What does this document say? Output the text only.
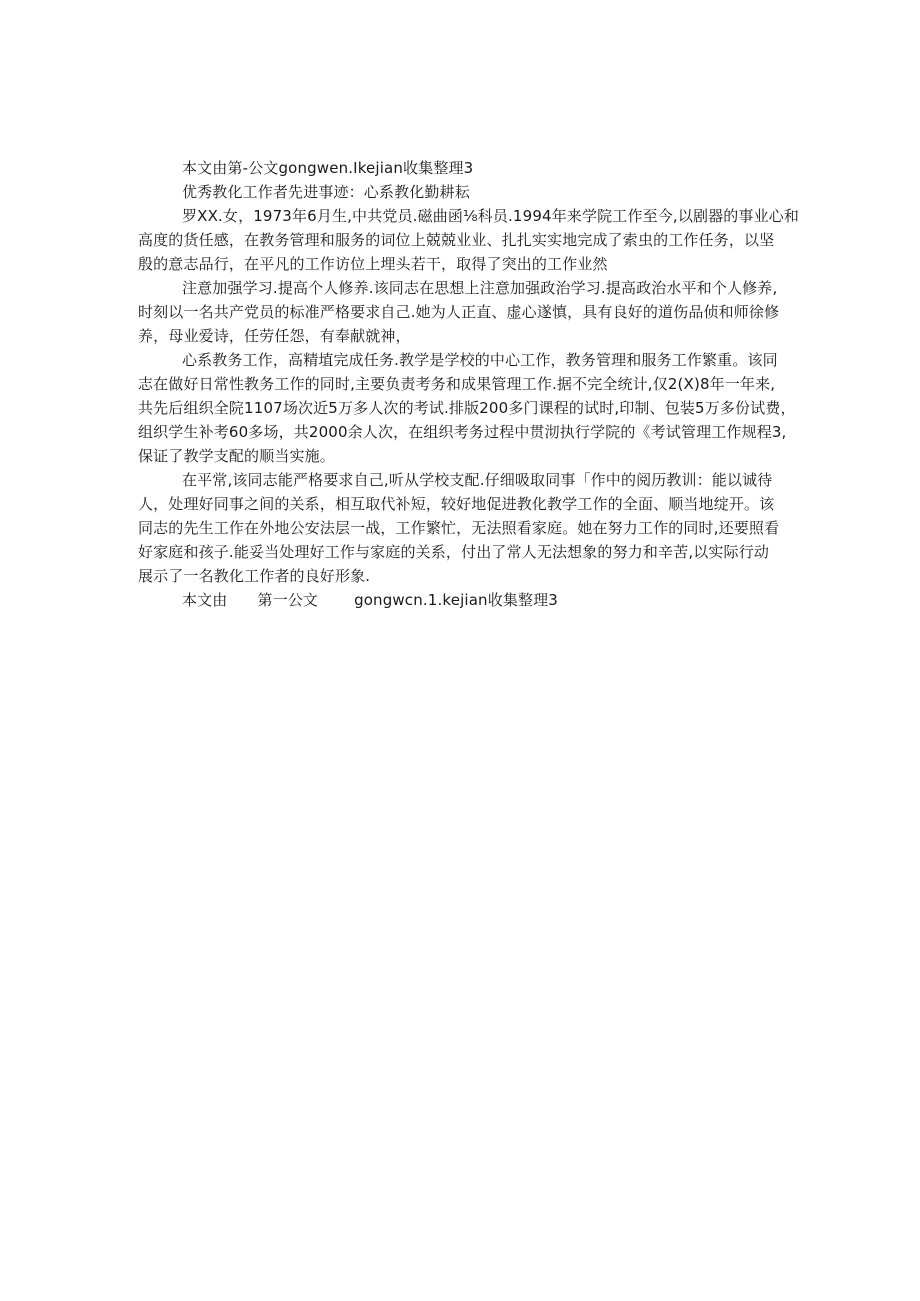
本文由第-公文gongwen.Ikejian收集整理3
优秀教化工作者先进事迹：心系教化勤耕耘
罗XX.女，1973年6月生,中共党员.磁曲函⅛科员.1994年来学院工作至今,以剧器的事业心和
高度的货任感，在教务管理和服务的词位上兢兢业业、扎扎实实地完成了索虫的工作任务，以坚
殷的意志品行，在平凡的工作访位上埋头若干，取得了突出的工作业然
注意加强学习.提高个人修养.该同志在思想上注意加强政治学习.提高政治水平和个人修养,
时刻以一名共产党员的标准严格要求自己.她为人正直、虚心遂慎，具有良好的道伤品侦和师徐修
养，母业爱诗，任劳任怨，有奉献就神，
心系教务工作，高精埴完成任务.教学是学校的中心工作，教务管理和服务工作繁重。该同
志在做好日常性教务工作的同时,主要负责考务和成果管理工作.据不完全统计,仅2(X)8年一年来,
共先后组织全院1107场次近5万多人次的考试.排版200多门课程的试时,印制、包装5万多份试费，
组织学生补考60多场，共2000余人次，在组织考务过程中贯沏执行学院的《考试管理工作规程3,
保证了教学支配的顺当实施。
在平常,该同志能严格要求自己,听从学校支配.仔细吸取同事「作中的阅历教训：能以诚待
人，处理好同事之间的关系，相互取代补短，较好地促进教化教学工作的全面、顺当地绽开。该
同志的先生工作在外地公安法层一战，工作繁忙，无法照看家庭。她在努力工作的同时,还要照看
好家庭和孩子.能妥当处理好工作与家庭的关系，付出了常人无法想象的努力和辛苦,以实际行动
展示了一名教化工作者的良好形象.
本文由 第一公文 gongwcn.1.kejian收集整理3
